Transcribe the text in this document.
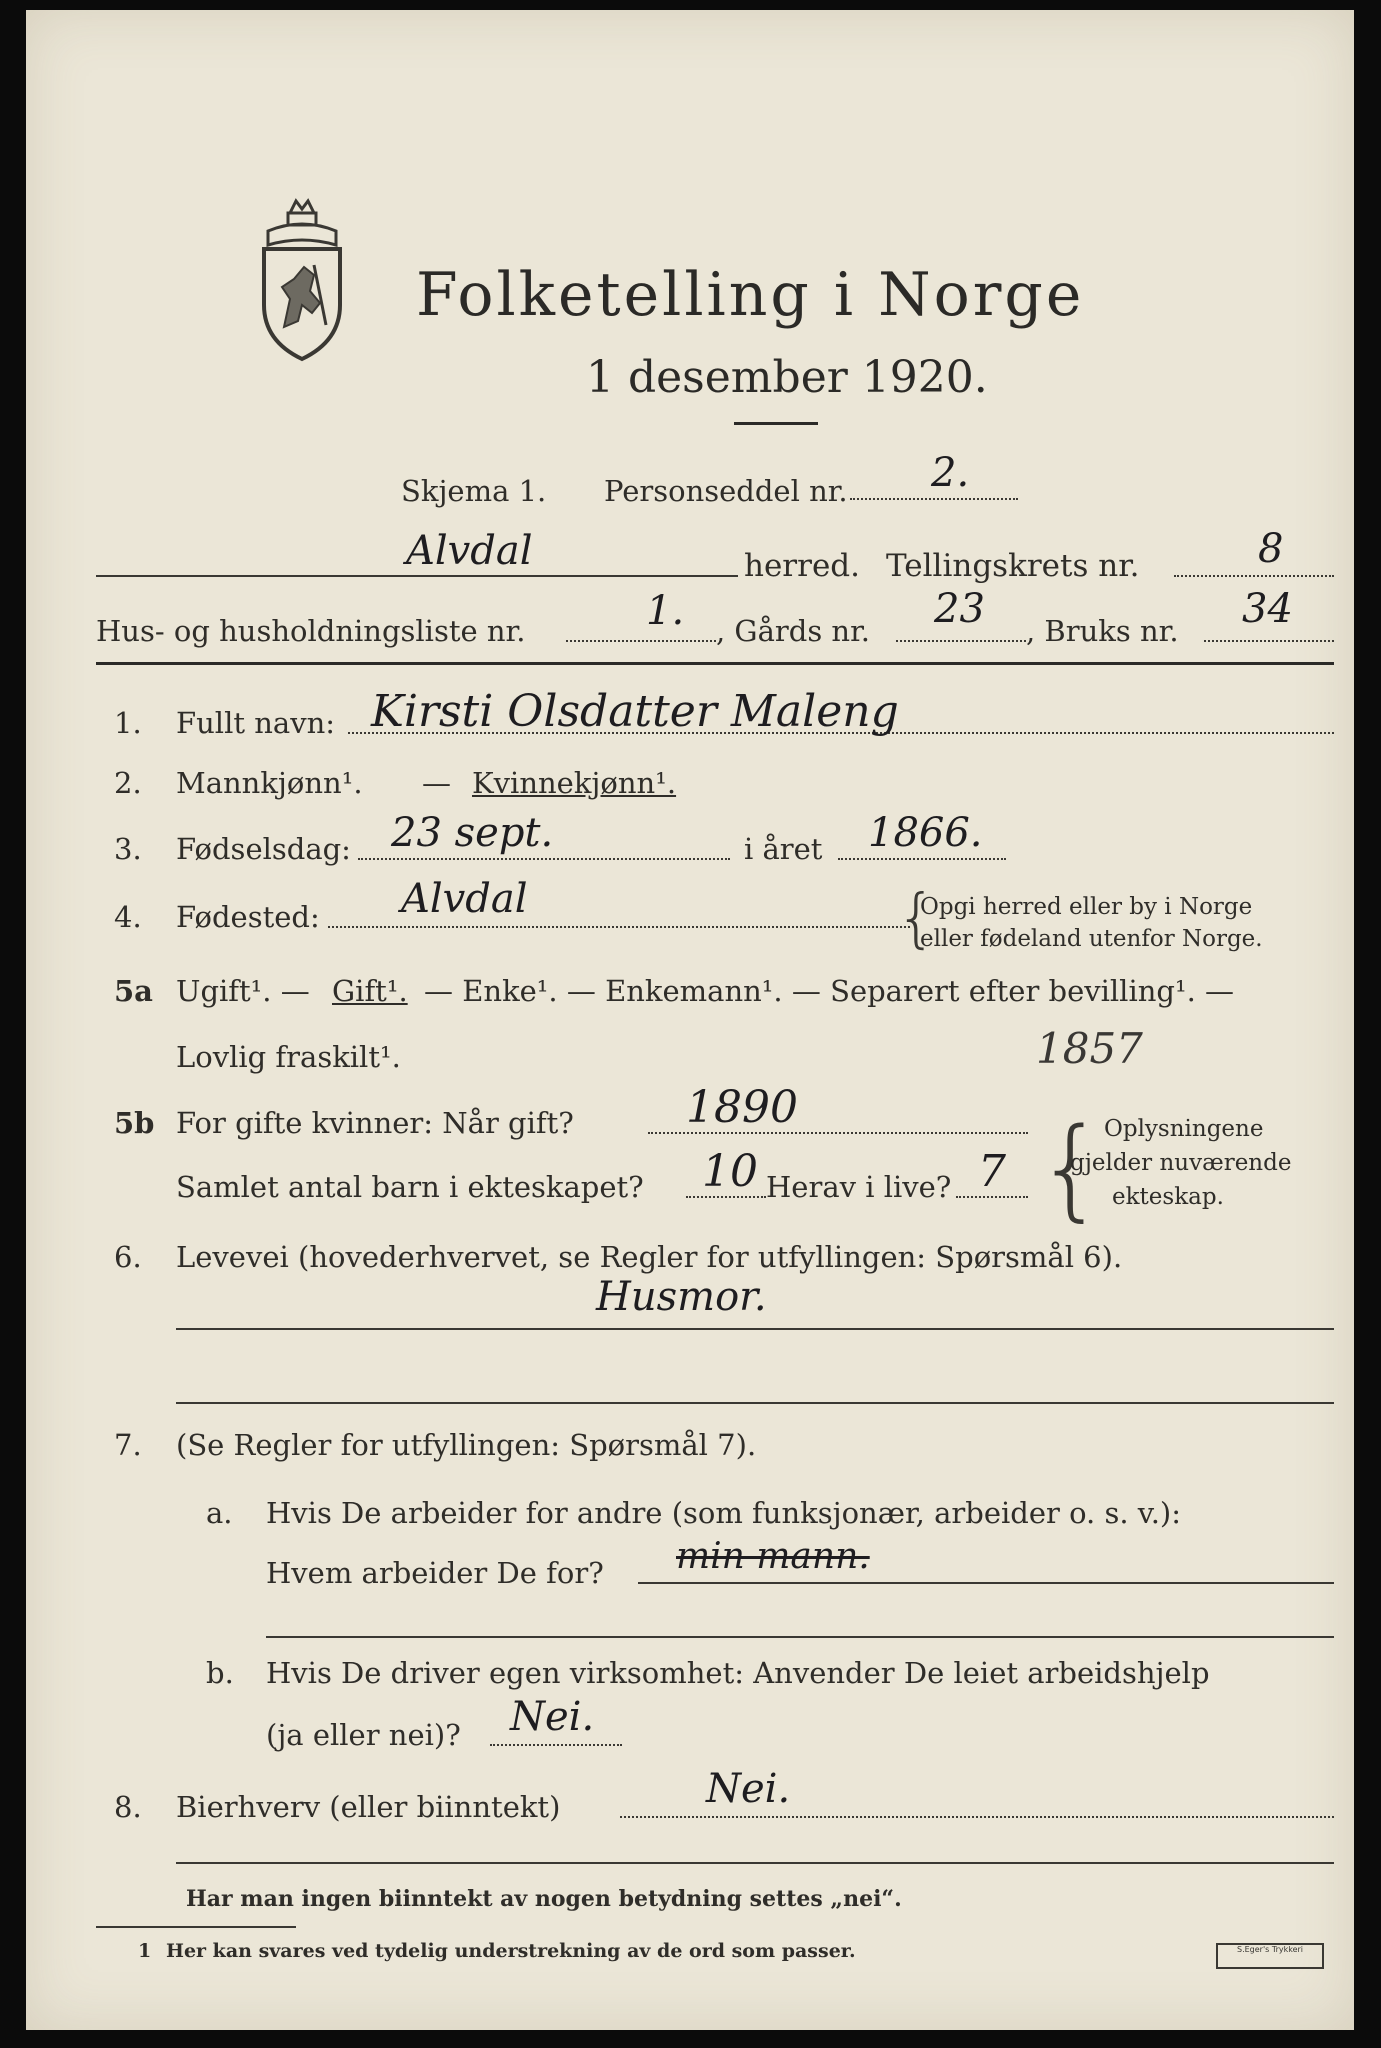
Folketelling i Norge
1 desember 1920.
Skjema 1. Personseddel nr. 2.
Alvdal	herred. Tellingskrets nr.	8
Hus- og husholdningsliste nr.	1. , Gårds nr. 23 , Bruks nr. 34
1. Fullt navn: Kirsti Olsdatter Maleng
2. Mannkjønn¹. — Kvinnekjønn¹.
3. Fødselsdag: 23 sept.	i året 1866.
4. Fødested: Alvdal	{
Opgi herred eller by i Norge
eller fødeland utenfor Norge.
5a Ugift¹. — Gift¹. — Enke¹. — Enkemann¹. — Separert efter bevilling¹. —
Lovlig fraskilt¹.	1857
5b For gifte kvinner: Når gift?	1890
Samlet antal barn i ekteskapet? 10 Herav i live? 7 {
Oplysningene
gjelder nuværende
ekteskap.
6. Levevei (hovederhvervet, se Regler for utfyllingen: Spørsmål 6).
Husmor.
7. (Se Regler for utfyllingen: Spørsmål 7).
a. Hvis De arbeider for andre (som funksjonær, arbeider o. s. v.):
Hvem arbeider De for? min mann.
b. Hvis De driver egen virksomhet: Anvender De leiet arbeidshjelp
(ja eller nei)? Nei.
8. Bierhverv (eller biinntekt)	Nei.
Har man ingen biinntekt av nogen betydning settes „nei“.
1 Her kan svares ved tydelig understrekning av de ord som passer.	S.Eger's Trykkeri
